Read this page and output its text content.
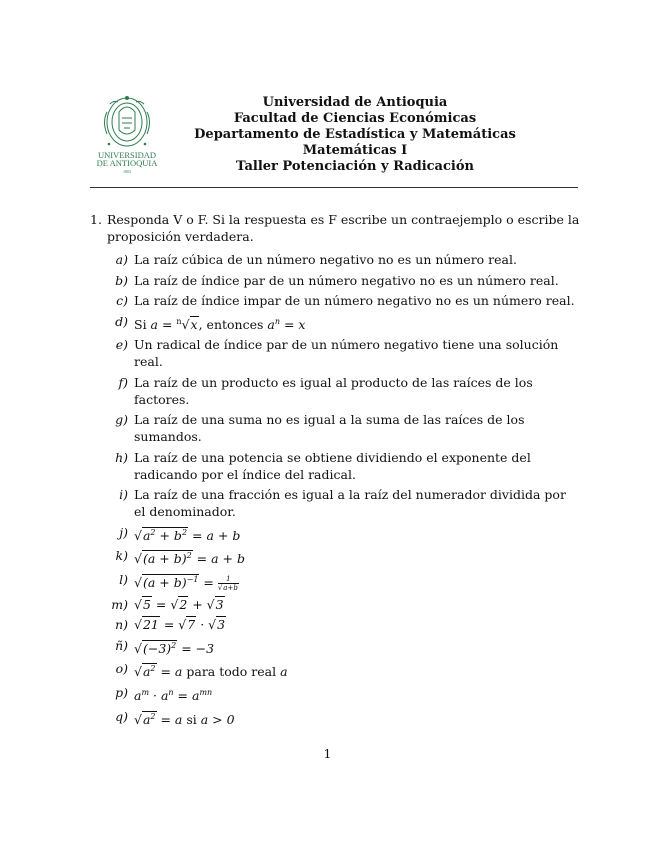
UNIVERSIDAD
DE ANTIOQUIA
1803
Universidad de Antioquia
Facultad de Ciencias Económicas
Departamento de Estadística y Matemáticas
Matemáticas I
Taller Potenciación y Radicación
1. Responda V o F. Si la respuesta es F escribe un contraejemplo o escribe la proposición verdadera.
a) La raíz cúbica de un número negativo no es un número real.
b) La raíz de índice par de un número negativo no es un número real.
c) La raíz de índice impar de un número negativo no es un número real.
d) Si a = $^n$√x, entonces $a^n = x$
e) Un radical de índice par de un número negativo tiene una solución real.
f) La raíz de un producto es igual al producto de las raíces de los factores.
g) La raíz de una suma no es igual a la suma de las raíces de los sumandos.
h) La raíz de una potencia se obtiene dividiendo el exponente del radicando por el índice del radical.
i) La raíz de una fracción es igual a la raíz del numerador dividida por el denominador.
j) $√a^2 + b^2 = a + b$
k) $√(a + b)^2 = a + b$
l) $√(a + b)^{-1} = \frac{1}{√a+b}$
m) √5 = √2 + √3
n) √21 = √7 · √3
ñ) $√(-3)^2 = -3$
o) $√a^2 = a$ para todo real a
p) $a^m \cdot a^n = a^{mn}$
q) $√a^2 = a$ si a > 0
1
